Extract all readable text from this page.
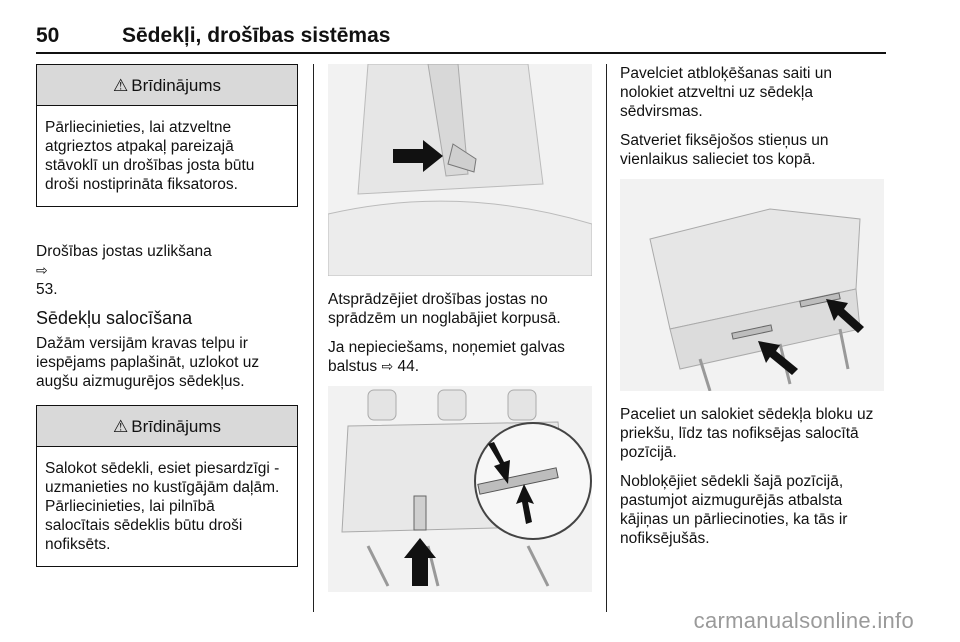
50	Sēdekļi, drošības sistēmas
⚠ Brīdinājums
Pārliecinieties, lai atzveltne
atgrieztos atpakaļ pareizajā
stāvoklī un drošības josta būtu
droši nostiprināta fiksatoros.

Drošības jostas uzlikšana
⇨
53.

Sēdekļu salocīšana

Dažām versijām kravas telpu ir
iespējams paplašināt, uzlokot uz
augšu aizmugurējos sēdekļus.

⚠ Brīdinājums
Salokot sēdekli, esiet piesardzīgi -
uzmanieties no kustīgājām daļām.
Pārliecinieties, lai pilnībā
salocītais sēdeklis būtu droši
nofiksēts.

Atsprādzējiet drošības jostas no
sprādzēm un noglabājiet korpusā.

Ja nepieciešams, noņemiet galvas
balstus ⇨ 44.

Pavelciet atbloķēšanas saiti un
nolokiet atzveltni uz sēdekļa
sēdvirsmas.

Satveriet fiksējošos stieņus un
vienlaikus salieciet tos kopā.

Paceliet un salokiet sēdekļa bloku uz
priekšu, līdz tas nofiksējas salocītā
pozīcijā.

Nobloķējiet sēdekli šajā pozīcijā,
pastumjot aizmugurējās atbalsta
kājiņas un pārliecinoties, ka tās ir
nofiksējušās.

carmanualsonline.info
